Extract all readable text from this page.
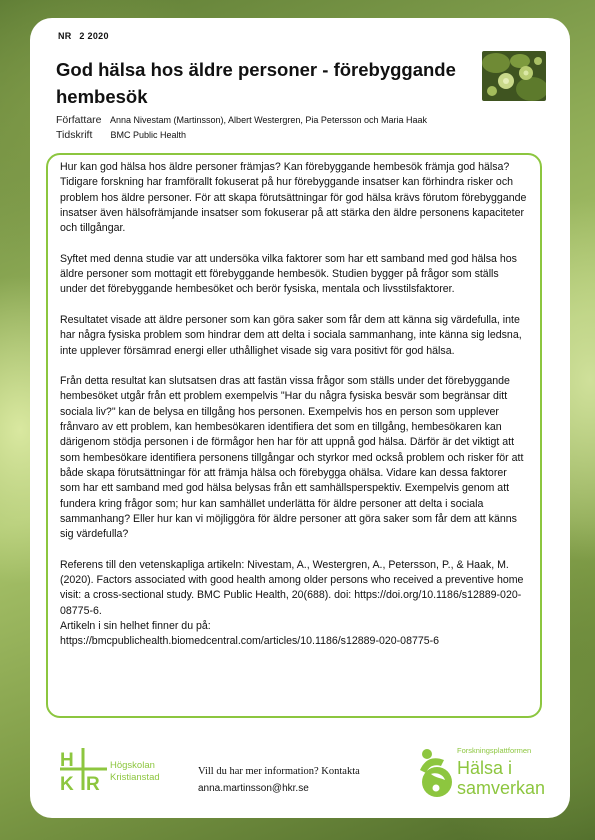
NR 2 2020
God hälsa hos äldre personer - förebyggande hembesök
Författare Anna Nivestam (Martinsson), Albert Westergren, Pia Petersson och Maria Haak
Tidskrift BMC Public Health

Hur kan god hälsa hos äldre personer främjas? Kan förebyggande hembesök främja god hälsa? Tidigare forskning har framförallt fokuserat på hur förebyggande insatser kan förhindra risker och problem hos äldre personer. För att skapa förutsättningar för god hälsa krävs förutom förebyggande insatser även hälsofrämjande insatser som fokuserar på att stärka den äldre personens kapaciteter och tillgångar.

Syftet med denna studie var att undersöka vilka faktorer som har ett samband med god hälsa hos äldre personer som mottagit ett förebyggande hembesök. Studien bygger på frågor som ställs under det förebyggande hembesöket och berör fysiska, mentala och livsstilsfaktorer.

Resultatet visade att äldre personer som kan göra saker som får dem att känna sig värdefulla, inte har några fysiska problem som hindrar dem att delta i sociala sammanhang, inte känna sig ledsna, inte upplever försämrad energi eller uthållighet visade sig vara positivt för god hälsa.

Från detta resultat kan slutsatsen dras att fastän vissa frågor som ställs under det förebyggande hembesöket utgår från ett problem exempelvis "Har du några fysiska besvär som begränsar ditt sociala liv?" kan de belysa en tillgång hos personen. Exempelvis hos en person som upplever frånvaro av ett problem, kan hembesökaren identifiera det som en tillgång, hembesökaren kan därigenom stödja personen i de förmågor hen har för att uppnå god hälsa. Därför är det viktigt att som hembesökare identifiera personens tillgångar och styrkor med också problem och risker för att både skapa förutsättningar för att främja hälsa och förebygga ohälsa. Vidare kan dessa faktorer som har ett samband med god hälsa belysas från ett samhällsperspektiv. Exempelvis genom att fundera kring frågor som; hur kan samhället underlätta för äldre personer att delta i sociala sammanhang? Eller hur kan vi möjliggöra för äldre personer att göra saker som får dem att känns sig värdefulla?

Referens till den vetenskapliga artikeln: Nivestam, A., Westergren, A., Petersson, P., & Haak, M. (2020). Factors associated with good health among older persons who received a preventive home visit: a cross-sectional study. BMC Public Health, 20(688). doi: https://doi.org/10.1186/s12889-020-08775-6.

Artikeln i sin helhet finner du på:

https://bmcpublichealth.biomedcentral.com/articles/10.1186/s12889-020-08775-6

H
K R
Högskolan
Kristianstad
Vill du har mer information? Kontakta
anna.martinsson@hkr.se
Forskningsplattformen
Hälsa i
samverkan
